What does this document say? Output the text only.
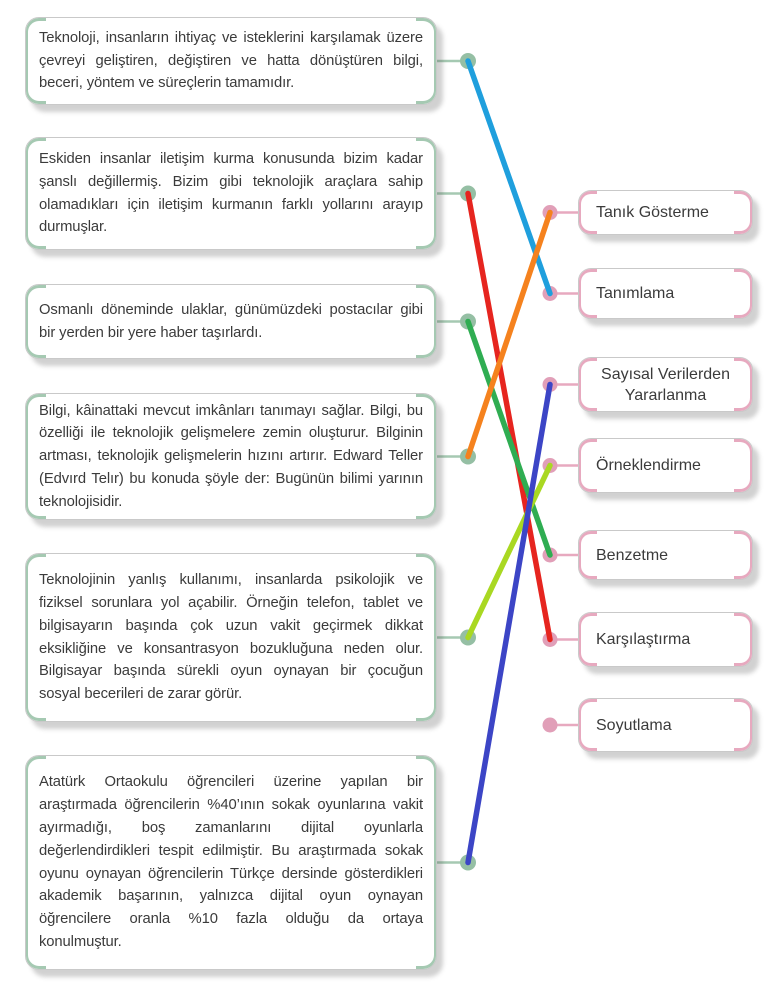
Teknoloji, insanların ihtiyaç ve isteklerini karşılamak üzere çevreyi geliştiren, değiştiren ve hatta dönüştüren bilgi, beceri, yöntem ve süreçlerin tamamıdır.

Eskiden insanlar iletişim kurma konusunda bizim kadar şanslı değillermiş. Bizim gibi teknolojik araçlara sahip olamadıkları için iletişim kurmanın farklı yollarını arayıp durmuşlar.

Osmanlı döneminde ulaklar, günümüzdeki postacılar gibi bir yerden bir yere haber taşırlardı.

Bilgi, kâinattaki mevcut imkânları tanımayı sağlar. Bilgi, bu özelliği ile teknolojik gelişmelere zemin oluşturur. Bilginin artması, teknolojik gelişmelerin hızını artırır. Edward Teller (Edvırd Telır) bu konuda şöyle der: Bugünün bilimi yarının teknolojisidir.

Teknolojinin yanlış kullanımı, insanlarda psikolojik ve fiziksel sorunlara yol açabilir. Örneğin telefon, tablet ve bilgisayarın başında çok uzun vakit geçirmek dikkat eksikliğine ve konsantrasyon bozukluğuna neden olur. Bilgisayar başında sürekli oyun oynayan bir çocuğun sosyal becerileri de zarar görür.

Atatürk Ortaokulu öğrencileri üzerine yapılan bir araştırmada öğrencilerin %40’ının sokak oyunlarına vakit ayırmadığı, boş zamanlarını dijital oyunlarla değerlendirdikleri tespit edilmiştir. Bu araştırmada sokak oyunu oynayan öğrencilerin Türkçe dersinde gösterdikleri akademik başarının, yalnızca dijital oyun oynayan öğrencilere oranla %10 fazla olduğu da ortaya konulmuştur.

Tanık Gösterme
Tanımlama
Sayısal Verilerden Yararlanma
Örneklendirme
Benzetme
Karşılaştırma
Soyutlama
